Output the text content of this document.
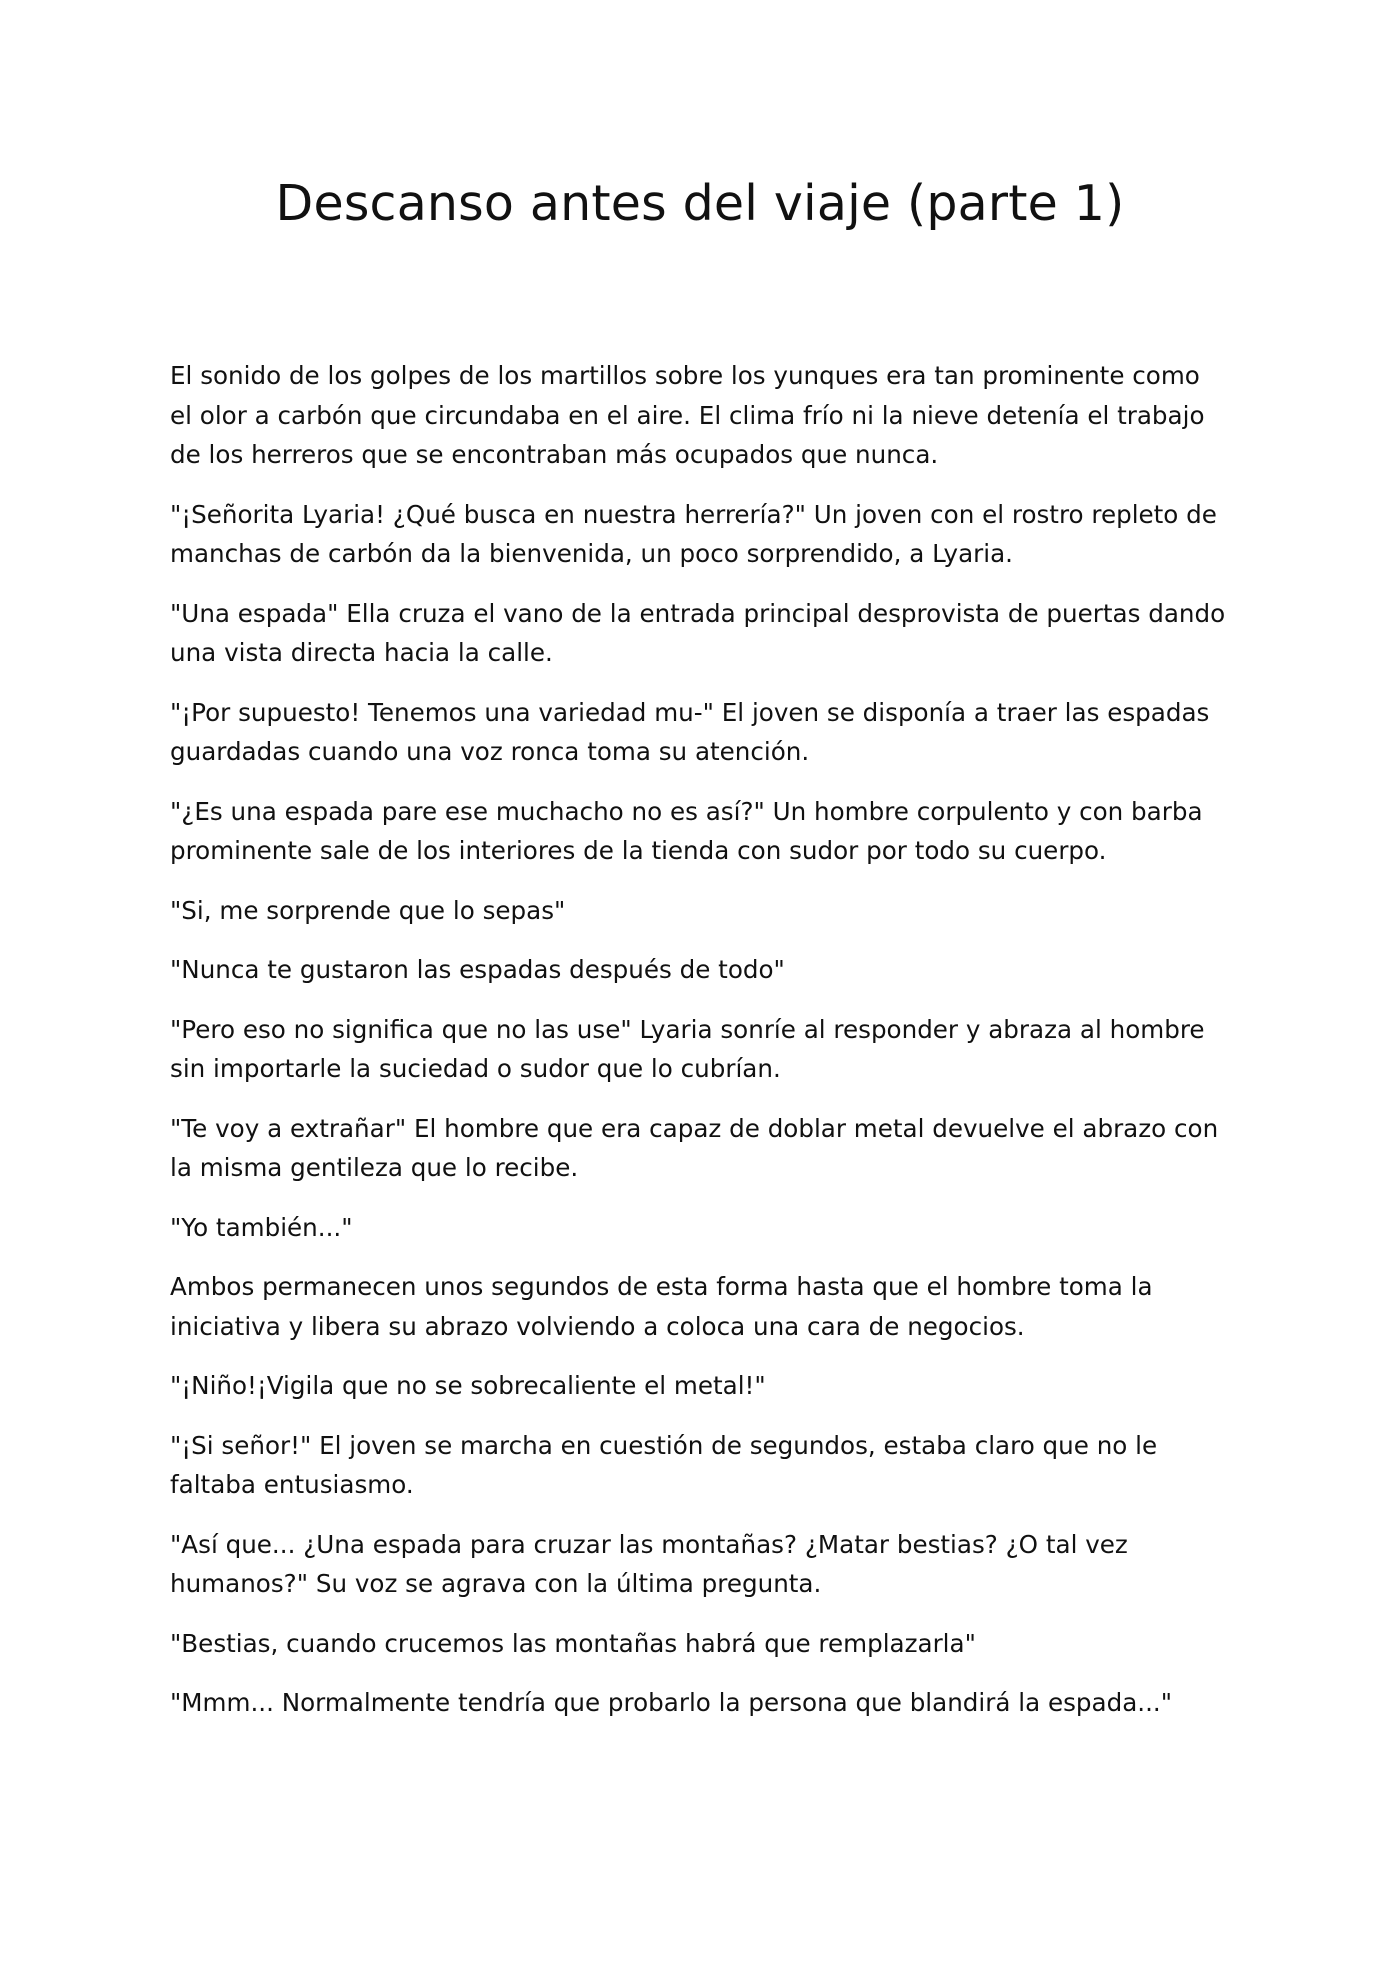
Descanso antes del viaje (parte 1)

El sonido de los golpes de los martillos sobre los yunques era tan prominente como
el olor a carbón que circundaba en el aire. El clima frío ni la nieve detenía el trabajo
de los herreros que se encontraban más ocupados que nunca.

"¡Señorita Lyaria! ¿Qué busca en nuestra herrería?" Un joven con el rostro repleto de
manchas de carbón da la bienvenida, un poco sorprendido, a Lyaria.

"Una espada" Ella cruza el vano de la entrada principal desprovista de puertas dando
una vista directa hacia la calle.

"¡Por supuesto! Tenemos una variedad mu-" El joven se disponía a traer las espadas
guardadas cuando una voz ronca toma su atención.

"¿Es una espada pare ese muchacho no es así?" Un hombre corpulento y con barba
prominente sale de los interiores de la tienda con sudor por todo su cuerpo.

"Si, me sorprende que lo sepas"

"Nunca te gustaron las espadas después de todo"

"Pero eso no significa que no las use" Lyaria sonríe al responder y abraza al hombre
sin importarle la suciedad o sudor que lo cubrían.

"Te voy a extrañar" El hombre que era capaz de doblar metal devuelve el abrazo con
la misma gentileza que lo recibe.

"Yo también..."

Ambos permanecen unos segundos de esta forma hasta que el hombre toma la
iniciativa y libera su abrazo volviendo a coloca una cara de negocios.

"¡Niño!¡Vigila que no se sobrecaliente el metal!"

"¡Si señor!" El joven se marcha en cuestión de segundos, estaba claro que no le
faltaba entusiasmo.

"Así que... ¿Una espada para cruzar las montañas? ¿Matar bestias? ¿O tal vez
humanos?" Su voz se agrava con la última pregunta.

"Bestias, cuando crucemos las montañas habrá que remplazarla"

"Mmm... Normalmente tendría que probarlo la persona que blandirá la espada..."
